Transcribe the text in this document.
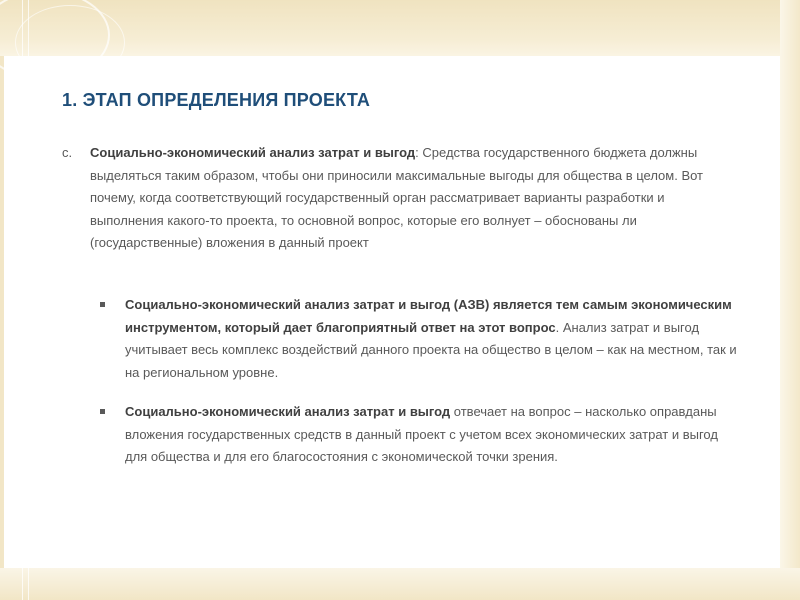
1. ЭТАП ОПРЕДЕЛЕНИЯ ПРОЕКТА
c.	Социально-экономический анализ затрат и выгод: Средства государственного бюджета должны выделяться таким образом, чтобы они приносили максимальные выгоды для общества в целом. Вот почему, когда соответствующий государственный орган рассматривает варианты разработки и выполнения какого-то проекта, то основной вопрос, которые его волнует – обоснованы ли (государственные) вложения в данный проект
Социально-экономический анализ затрат и выгод (АЗВ) является тем самым экономическим инструментом, который дает благоприятный ответ на этот вопрос. Анализ затрат и выгод учитывает весь комплекс воздействий данного проекта на общество в целом – как на местном, так и на региональном уровне.
Социально-экономический анализ затрат и выгод отвечает на вопрос – насколько оправданы вложения государственных средств в данный проект с учетом всех экономических затрат и выгод для общества и для его благосостояния с экономической точки зрения.
